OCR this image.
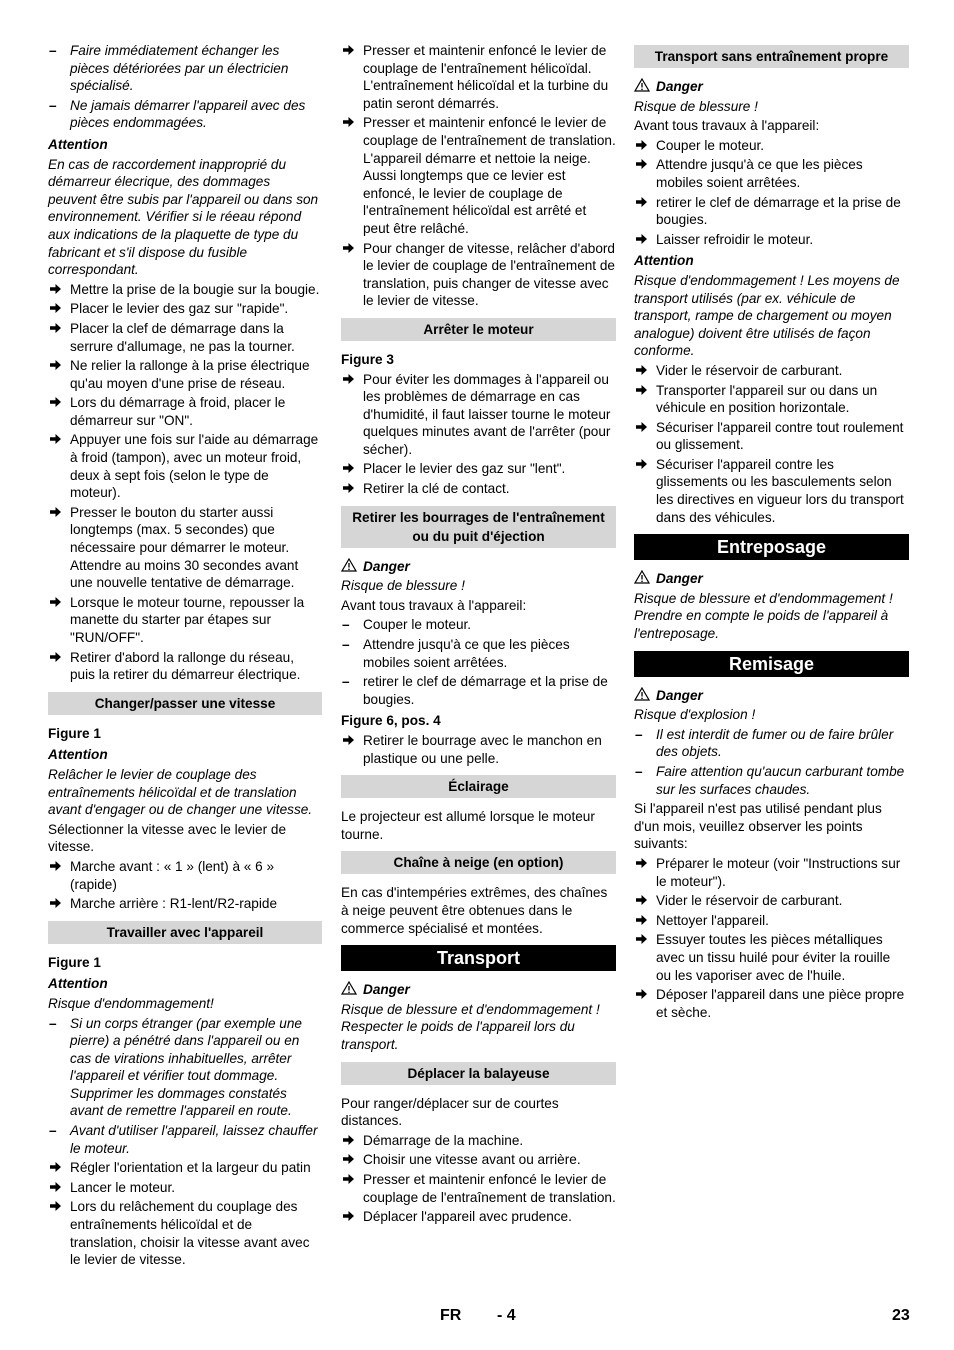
– Faire immédiatement échanger les pièces détériorées par un électricien spécialisé.
– Ne jamais démarrer l'appareil avec des pièces endommagées.

Attention

En cas de raccordement inapproprié du démarreur élecrique, des dommages peuvent être subis par l'appareil ou dans son environnement. Vérifier si le réeau répond aux indications de la plaquette de type du fabricant et s'il dispose du fusible correspondant.

Mettre la prise de la bougie sur la bougie.
Placer le levier des gaz sur "rapide".
Placer la clef de démarrage dans la serrure d'allumage, ne pas la tourner.
Ne relier la rallonge à la prise électrique qu'au moyen d'une prise de réseau.
Lors du démarrage à froid, placer le démarreur sur "ON".
Appuyer une fois sur l'aide au démarrage à froid (tampon), avec un moteur froid, deux à sept fois (selon le type de moteur).
Presser le bouton du starter aussi longtemps (max. 5 secondes) que nécessaire pour démarrer le moteur. Attendre au moins 30 secondes avant une nouvelle tentative de démarrage.
Lorsque le moteur tourne, repousser la manette du starter par étapes sur "RUN/OFF".
Retirer d'abord la rallonge du réseau, puis la retirer du démarreur électrique.
Changer/passer une vitesse

Figure 1

Attention

Relâcher le levier de couplage des entraînements hélicoïdal et de translation avant d'engager ou de changer une vitesse.

Sélectionner la vitesse avec le levier de vitesse.

Marche avant : « 1 » (lent) à « 6 » (rapide)
Marche arrière : R1-lent/R2-rapide
Travailler avec l'appareil

Figure 1

Attention

Risque d'endommagement!

– Si un corps étranger (par exemple une pierre) a pénétré dans l'appareil ou en cas de virations inhabituelles, arrêter l'appareil et vérifier tout dommage. Supprimer les dommages constatés avant de remettre l'appareil en route.
– Avant d'utiliser l'appareil, laissez chauffer le moteur.
Régler l'orientation et la largeur du patin
Lancer le moteur.
Lors du relâchement du couplage des entraînements hélicoïdal et de translation, choisir la vitesse avant avec le levier de vitesse.
Presser et maintenir enfoncé le levier de couplage de l'entraînement hélicoïdal. L'entraînement hélicoïdal et la turbine du patin seront démarrés.
Presser et maintenir enfoncé le levier de couplage de l'entraînement de translation. L'appareil démarre et nettoie la neige. Aussi longtemps que ce levier est enfoncé, le levier de couplage de l'entraînement hélicoïdal est arrêté et peut être relâché.
Pour changer de vitesse, relâcher d'abord le levier de couplage de l'entraînement de translation, puis changer de vitesse avec le levier de vitesse.
Arrêter le moteur

Figure 3

Pour éviter les dommages à l'appareil ou les problèmes de démarrage en cas d'humidité, il faut laisser tourne le moteur quelques minutes avant de l'arrêter (pour sécher).
Placer le levier des gaz sur "lent".
Retirer la clé de contact.
Retirer les bourrages de l'entraînement ou du puit d'éjection

Danger

Risque de blessure !

Avant tous travaux à l'appareil:

– Couper le moteur.
– Attendre jusqu'à ce que les pièces mobiles soient arrêtées.
– retirer le clef de démarrage et la prise de bougies.

Figure 6, pos. 4

Retirer le bourrage avec le manchon en plastique ou une pelle.
Éclairage

Le projecteur est allumé lorsque le moteur tourne.

Chaîne à neige (en option)

En cas d'intempéries extrêmes, des chaînes à neige peuvent être obtenues dans le commerce spécialisé et montées.

Transport

Danger

Risque de blessure et d'endommagement ! Respecter le poids de l'appareil lors du transport.

Déplacer la balayeuse

Pour ranger/déplacer sur de courtes distances.

Démarrage de la machine.
Choisir une vitesse avant ou arrière.
Presser et maintenir enfoncé le levier de couplage de l'entraînement de translation.
Déplacer l'appareil avec prudence.
Transport sans entraînement propre

Danger

Risque de blessure !

Avant tous travaux à l'appareil:

Couper le moteur.
Attendre jusqu'à ce que les pièces mobiles soient arrêtées.
retirer le clef de démarrage et la prise de bougies.
Laisser refroidir le moteur.

Attention

Risque d'endommagement ! Les moyens de transport utilisés (par ex. véhicule de transport, rampe de chargement ou moyen analogue) doivent être utilisés de façon conforme.

Vider le réservoir de carburant.
Transporter l'appareil sur ou dans un véhicule en position horizontale.
Sécuriser l'appareil contre tout roulement ou glissement.
Sécuriser l'appareil contre les glissements ou les basculements selon les directives en vigueur lors du transport dans des véhicules.
Entreposage

Danger

Risque de blessure et d'endommagement ! Prendre en compte le poids de l'appareil à l'entreposage.

Remisage

Danger

Risque d'explosion !

– Il est interdit de fumer ou de faire brûler des objets.
– Faire attention qu'aucun carburant tombe sur les surfaces chaudes.

Si l'appareil n'est pas utilisé pendant plus d'un mois, veuillez observer les points suivants:

Préparer le moteur (voir "Instructions sur le moteur").
Vider le réservoir de carburant.
Nettoyer l'appareil.
Essuyer toutes les pièces métalliques avec un tissu huilé pour éviter la rouille ou les vaporiser avec de l'huile.
Déposer l'appareil dans une pièce propre et sèche.
FR - 4	23
